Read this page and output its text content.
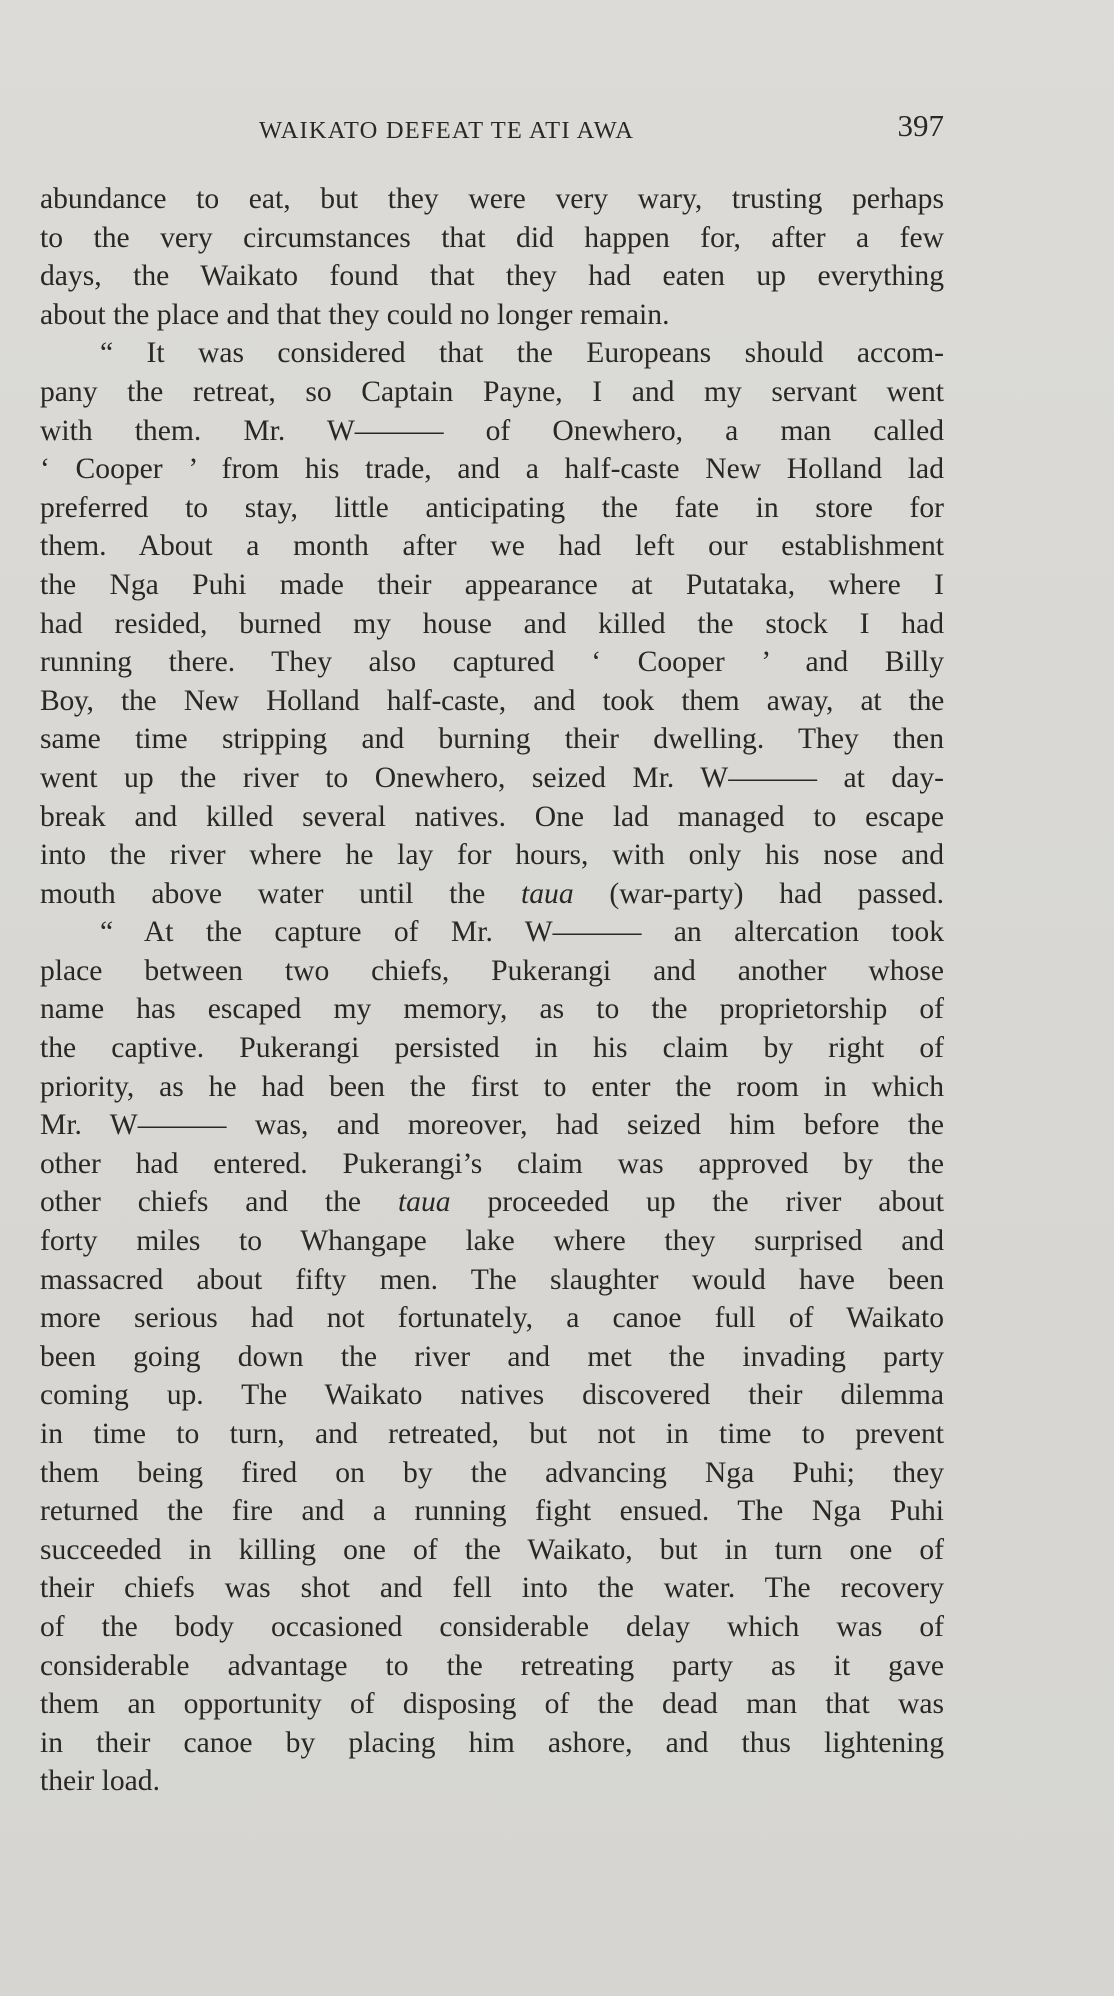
WAIKATO DEFEAT TE ATI AWA	397
abundance to eat, but they were very wary, trusting perhaps
to the very circumstances that did happen for, after a few
days, the Waikato found that they had eaten up everything
about the place and that they could no longer remain.
“ It was considered that the Europeans should accom-
pany the retreat, so Captain Payne, I and my servant went
with them. Mr. W——— of Onewhero, a man called
‘ Cooper ’ from his trade, and a half-caste New Holland lad
preferred to stay, little anticipating the fate in store for
them. About a month after we had left our establishment
the Nga Puhi made their appearance at Putataka, where I
had resided, burned my house and killed the stock I had
running there. They also captured ‘ Cooper ’ and Billy
Boy, the New Holland half-caste, and took them away, at the
same time stripping and burning their dwelling. They then
went up the river to Onewhero, seized Mr. W——— at day-
break and killed several natives. One lad managed to escape
into the river where he lay for hours, with only his nose and
mouth above water until the taua (war-party) had passed.
“ At the capture of Mr. W——— an altercation took
place between two chiefs, Pukerangi and another whose
name has escaped my memory, as to the proprietorship of
the captive. Pukerangi persisted in his claim by right of
priority, as he had been the first to enter the room in which
Mr. W——— was, and moreover, had seized him before the
other had entered. Pukerangi’s claim was approved by the
other chiefs and the taua proceeded up the river about
forty miles to Whangape lake where they surprised and
massacred about fifty men. The slaughter would have been
more serious had not fortunately, a canoe full of Waikato
been going down the river and met the invading party
coming up. The Waikato natives discovered their dilemma
in time to turn, and retreated, but not in time to prevent
them being fired on by the advancing Nga Puhi; they
returned the fire and a running fight ensued. The Nga Puhi
succeeded in killing one of the Waikato, but in turn one of
their chiefs was shot and fell into the water. The recovery
of the body occasioned considerable delay which was of
considerable advantage to the retreating party as it gave
them an opportunity of disposing of the dead man that was
in their canoe by placing him ashore, and thus lightening
their load.
